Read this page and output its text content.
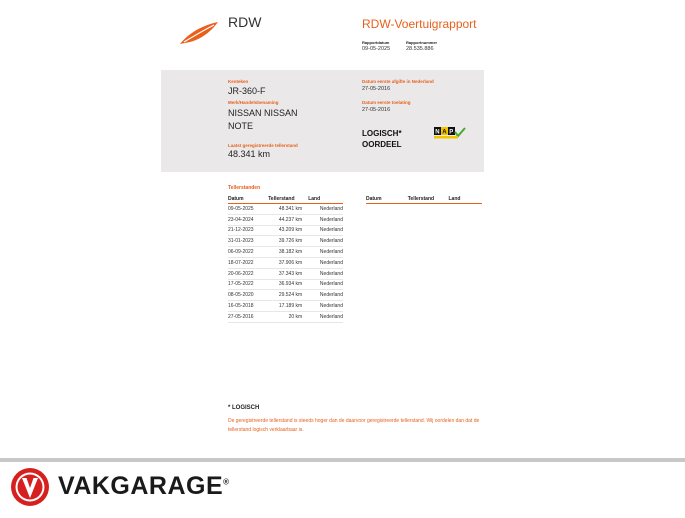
RDW	RDW-Voertuigrapport
Rapportdatum
09-05-2025
Rapportnummer
28.535.886
Kenteken
JR-360-F
Merk/Handelsbenaming
NISSAN NISSAN
NOTE
Laatst geregistreerde tellerstand
48.341 km
Datum eerste afgifte in Nederland
27-05-2016
Datum eerste toelating
27-05-2016
LOGISCH*
OORDEEL
N A P
Tellerstanden
Datum	Tellerstand	Land
09-05-2025	48.341 km	Nederland
23-04-2024	44.237 km	Nederland
21-12-2023	43.209 km	Nederland
31-01-2023	39.726 km	Nederland
06-09-2022	38.182 km	Nederland
18-07-2022	37.906 km	Nederland
20-06-2022	37.343 km	Nederland
17-05-2022	36.934 km	Nederland
08-05-2020	29.524 km	Nederland
16-05-2018	17.189 km	Nederland
27-05-2016	20 km	Nederland
Datum	Tellerstand	Land
* LOGISCH
De geregistreerde tellerstand is steeds hoger dan de daarvoor geregistreerde tellerstand. Wij oordelen dan dat de tellerstand logisch verklaarbaar is.
VAKGARAGE®
